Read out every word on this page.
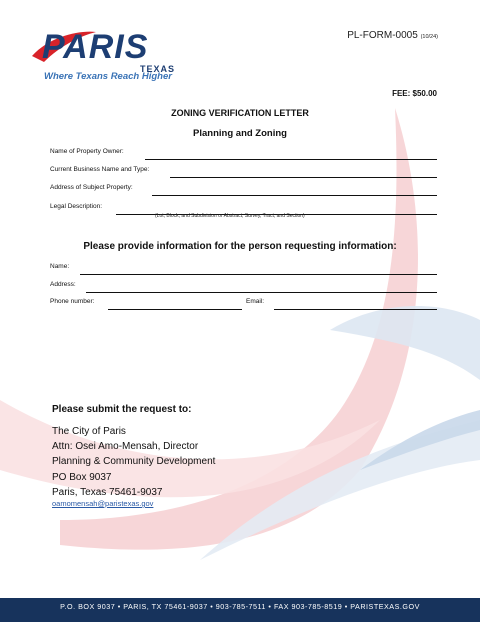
PARIS
TEXAS
Where Texans Reach Higher
PL-FORM-0005 (10/24)
FEE: $50.00
ZONING VERIFICATION LETTER
Planning and Zoning
Name of Property Owner:
Current Business Name and Type:
Address of Subject Property:
Legal Description:
(Lot, Block, and Subdivision or Abstract, Survey, Tract, and Section)
Please provide information for the person requesting information:
Name:
Address:
Phone number:	Email:
Please submit the request to:
The City of Paris
Attn: Osei Amo-Mensah, Director
Planning & Community Development
PO Box 9037
Paris, Texas 75461-9037
oamomensah@paristexas.gov
P.O. BOX 9037 • PARIS, TX 75461-9037 • 903-785-7511 • FAX 903-785-8519 • PARISTEXAS.GOV
